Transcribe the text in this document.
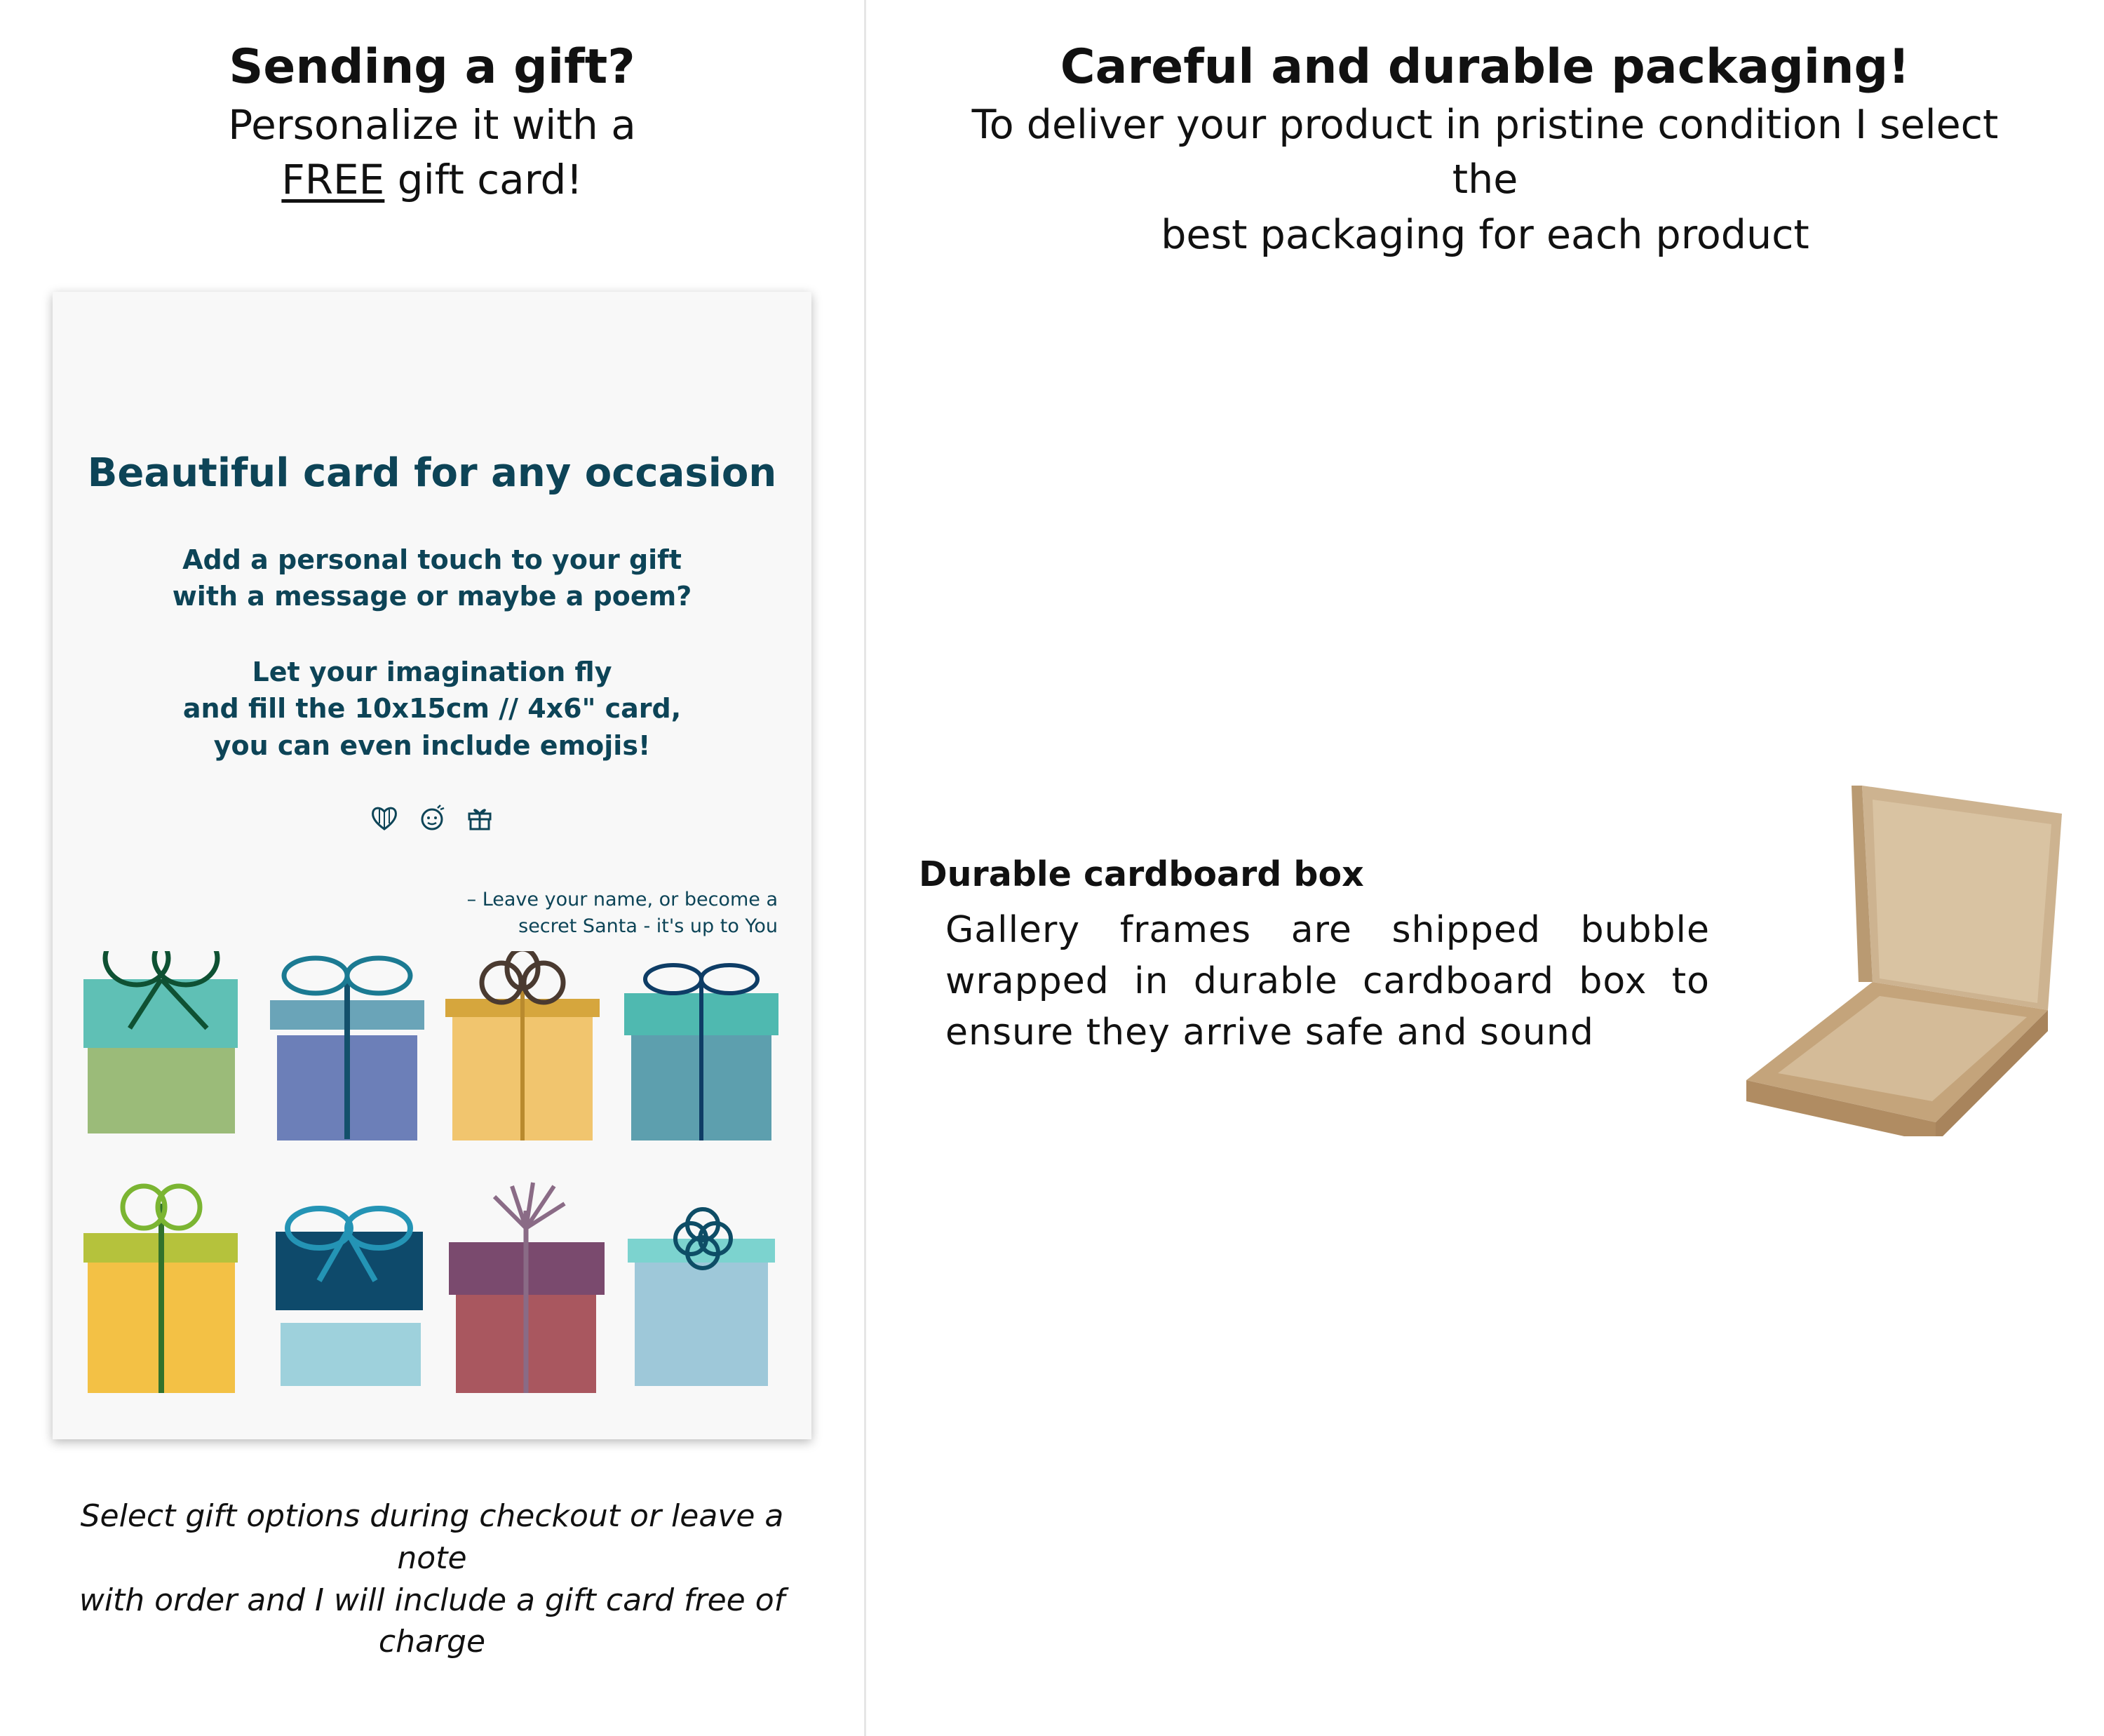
Sending a gift?
Personalize it with a
FREE gift card!
Beautiful card for any occasion
Add a personal touch to your gift
with a message or maybe a poem?
Let your imagination fly
and fill the 10x15cm // 4x6" card,
you can even include emojis!
– Leave your name, or become a
secret Santa - it's up to You
Select gift options during checkout or leave a note
with order and I will include a gift card free of
charge
Careful and durable packaging!
To deliver your product in pristine condition I select the
best packaging for each product
Durable cardboard box
Gallery frames are shipped bubble wrapped in durable cardboard box to ensure they arrive safe and sound
